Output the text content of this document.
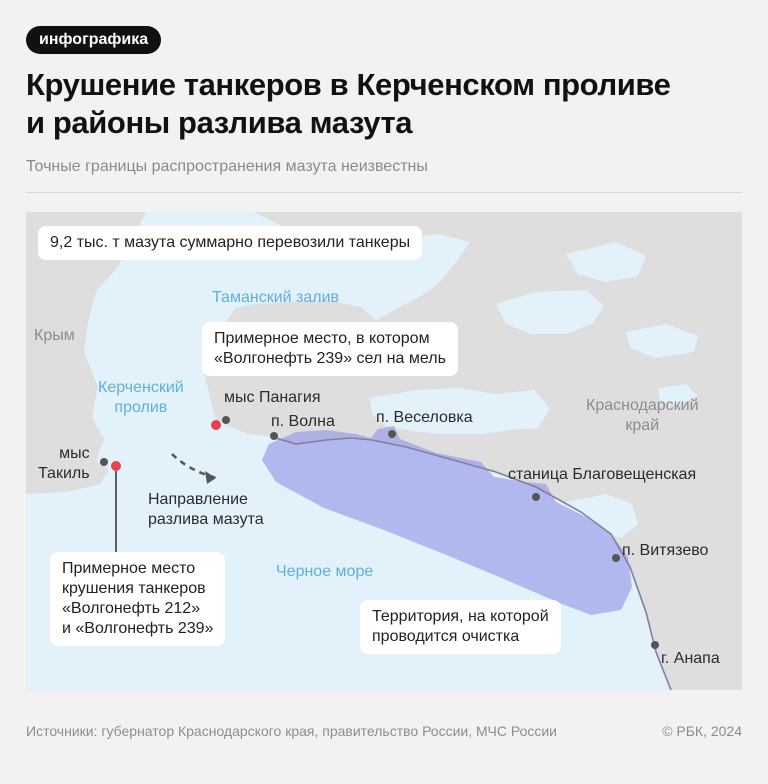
инфографика
Крушение танкеров в Керченском проливе
и районы разлива мазута
Точные границы распространения мазута неизвестны
9,2 тыс. т мазута суммарно перевозили танкеры
Таманский залив
Керченский
пролив
Черное море
Крым
Краснодарский
край
Примерное место, в котором
«Волгонефть 239» сел на мель
мыс
Такиль
мыс Панагия
п. Волна	п. Веселовка
станица Благовещенская
п. Витязево
г. Анапа
Направление
разлива мазута
Примерное место
крушения танкеров
«Волгонефть 212»
и «Волгонефть 239»
Территория, на которой
проводится очистка
Источники: губернатор Краснодарского края, правительство России, МЧС России	© РБК, 2024
